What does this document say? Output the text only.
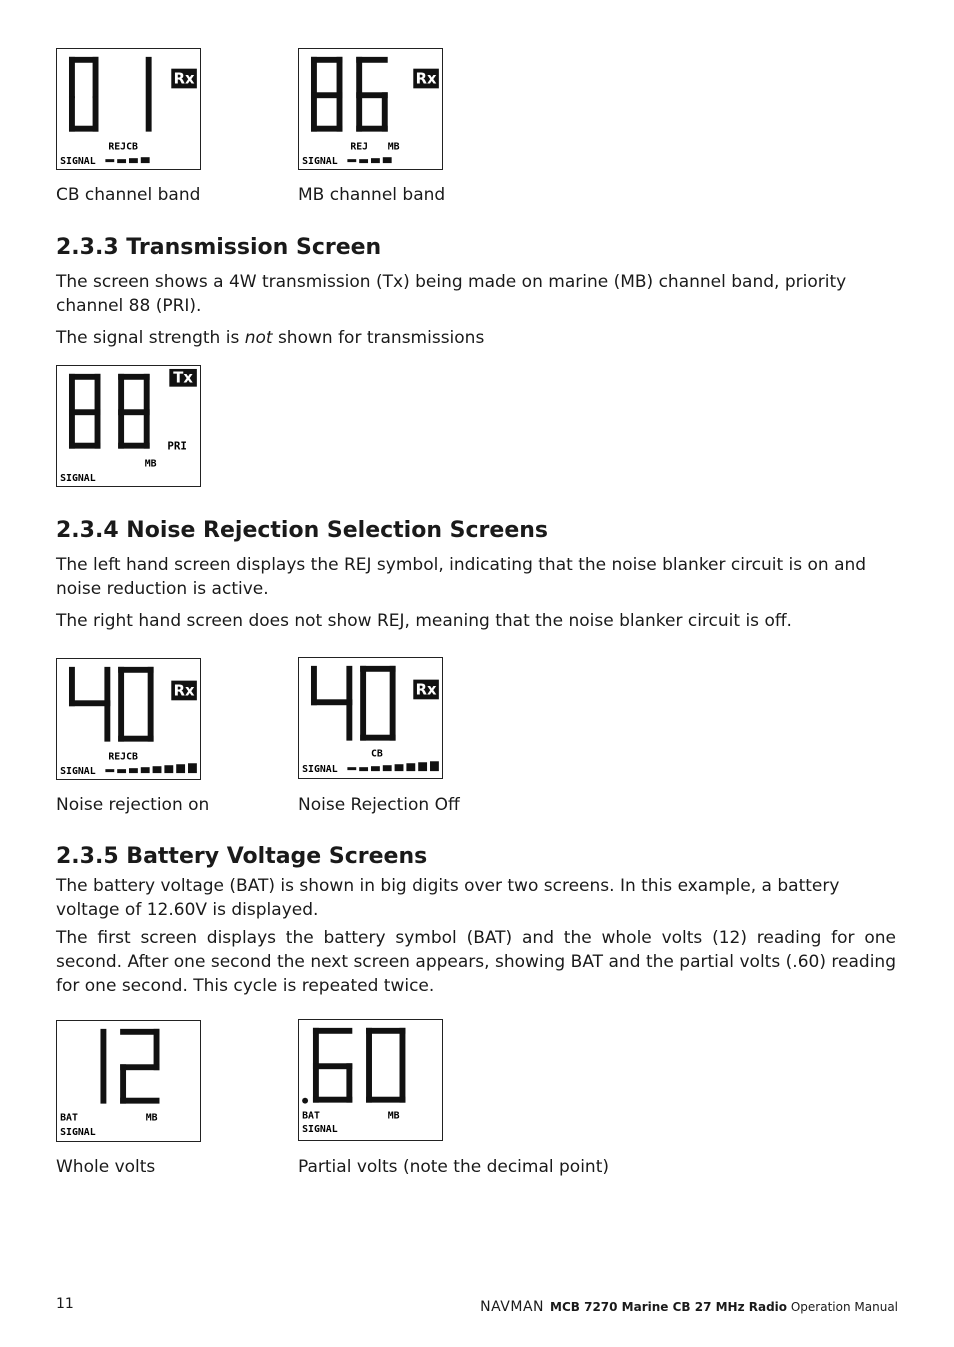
Rx
REJCB
SIGNAL
CB channel band
Rx
REJ MB
SIGNAL
MB channel band
2.3.3 Transmission Screen
The screen shows a 4W transmission (Tx) being made on marine (MB) channel band, priority channel 88 (PRI).
The signal strength is not shown for transmissions
Tx
PRI
MB
SIGNAL
2.3.4 Noise Rejection Selection Screens
The left hand screen displays the REJ symbol, indicating that the noise blanker circuit is on and noise reduction is active.
The right hand screen does not show REJ, meaning that the noise blanker circuit is off.
Rx
REJCB
SIGNAL
Noise rejection on
Rx
CB
SIGNAL
Noise Rejection Off
2.3.5 Battery Voltage Screens
The battery voltage (BAT) is shown in big digits over two screens. In this example, a battery voltage of 12.60V is displayed.
The first screen displays the battery symbol (BAT) and the whole volts (12) reading for one second. After one second the next screen appears, showing BAT and the partial volts (.60) reading for one second. This cycle is repeated twice.
BAT	MB
SIGNAL
Whole volts
BAT	MB
SIGNAL
Partial volts (note the decimal point)
11	NAVMAN MCB 7270 Marine CB 27 MHz Radio Operation Manual
